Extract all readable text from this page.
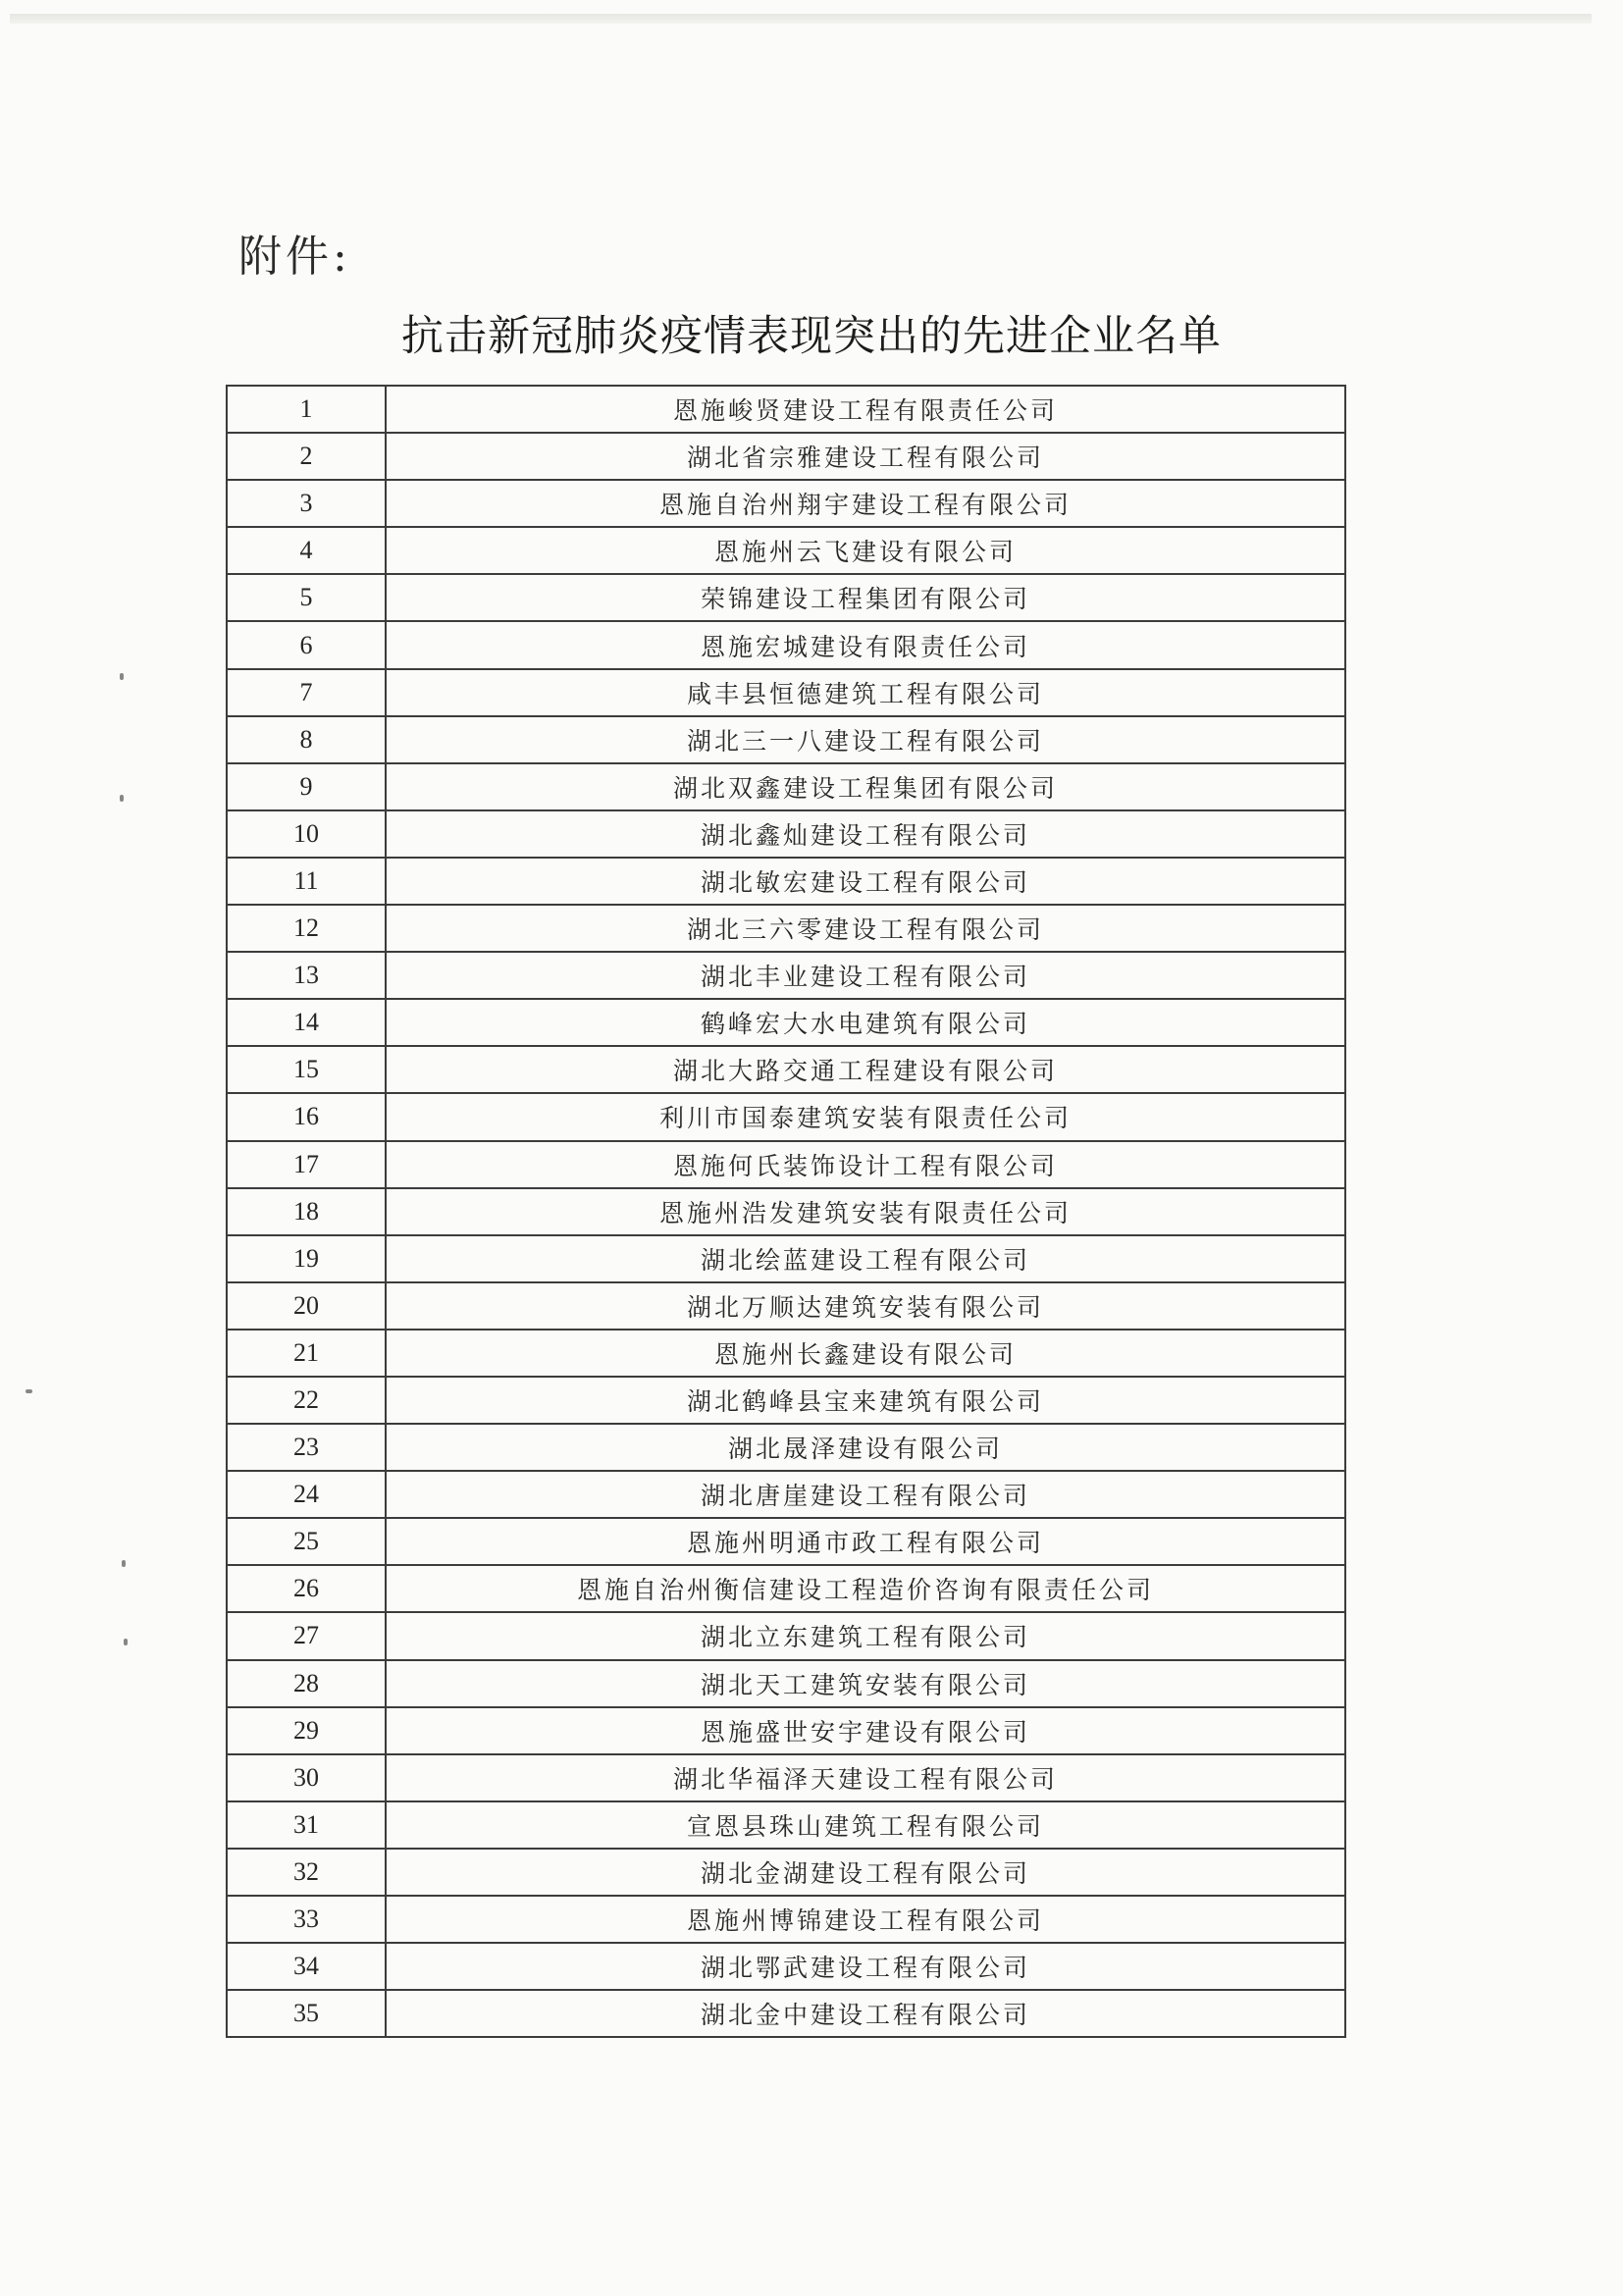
附件:
抗击新冠肺炎疫情表现突出的先进企业名单
1	恩施峻贤建设工程有限责任公司
2	湖北省宗雅建设工程有限公司
3	恩施自治州翔宇建设工程有限公司
4	恩施州云飞建设有限公司
5	荣锦建设工程集团有限公司
6	恩施宏城建设有限责任公司
7	咸丰县恒德建筑工程有限公司
8	湖北三一八建设工程有限公司
9	湖北双鑫建设工程集团有限公司
10	湖北鑫灿建设工程有限公司
11	湖北敏宏建设工程有限公司
12	湖北三六零建设工程有限公司
13	湖北丰业建设工程有限公司
14	鹤峰宏大水电建筑有限公司
15	湖北大路交通工程建设有限公司
16	利川市国泰建筑安装有限责任公司
17	恩施何氏装饰设计工程有限公司
18	恩施州浩发建筑安装有限责任公司
19	湖北绘蓝建设工程有限公司
20	湖北万顺达建筑安装有限公司
21	恩施州长鑫建设有限公司
22	湖北鹤峰县宝来建筑有限公司
23	湖北晟泽建设有限公司
24	湖北唐崖建设工程有限公司
25	恩施州明通市政工程有限公司
26	恩施自治州衡信建设工程造价咨询有限责任公司
27	湖北立东建筑工程有限公司
28	湖北天工建筑安装有限公司
29	恩施盛世安宇建设有限公司
30	湖北华福泽天建设工程有限公司
31	宣恩县珠山建筑工程有限公司
32	湖北金湖建设工程有限公司
33	恩施州博锦建设工程有限公司
34	湖北鄂武建设工程有限公司
35	湖北金中建设工程有限公司
